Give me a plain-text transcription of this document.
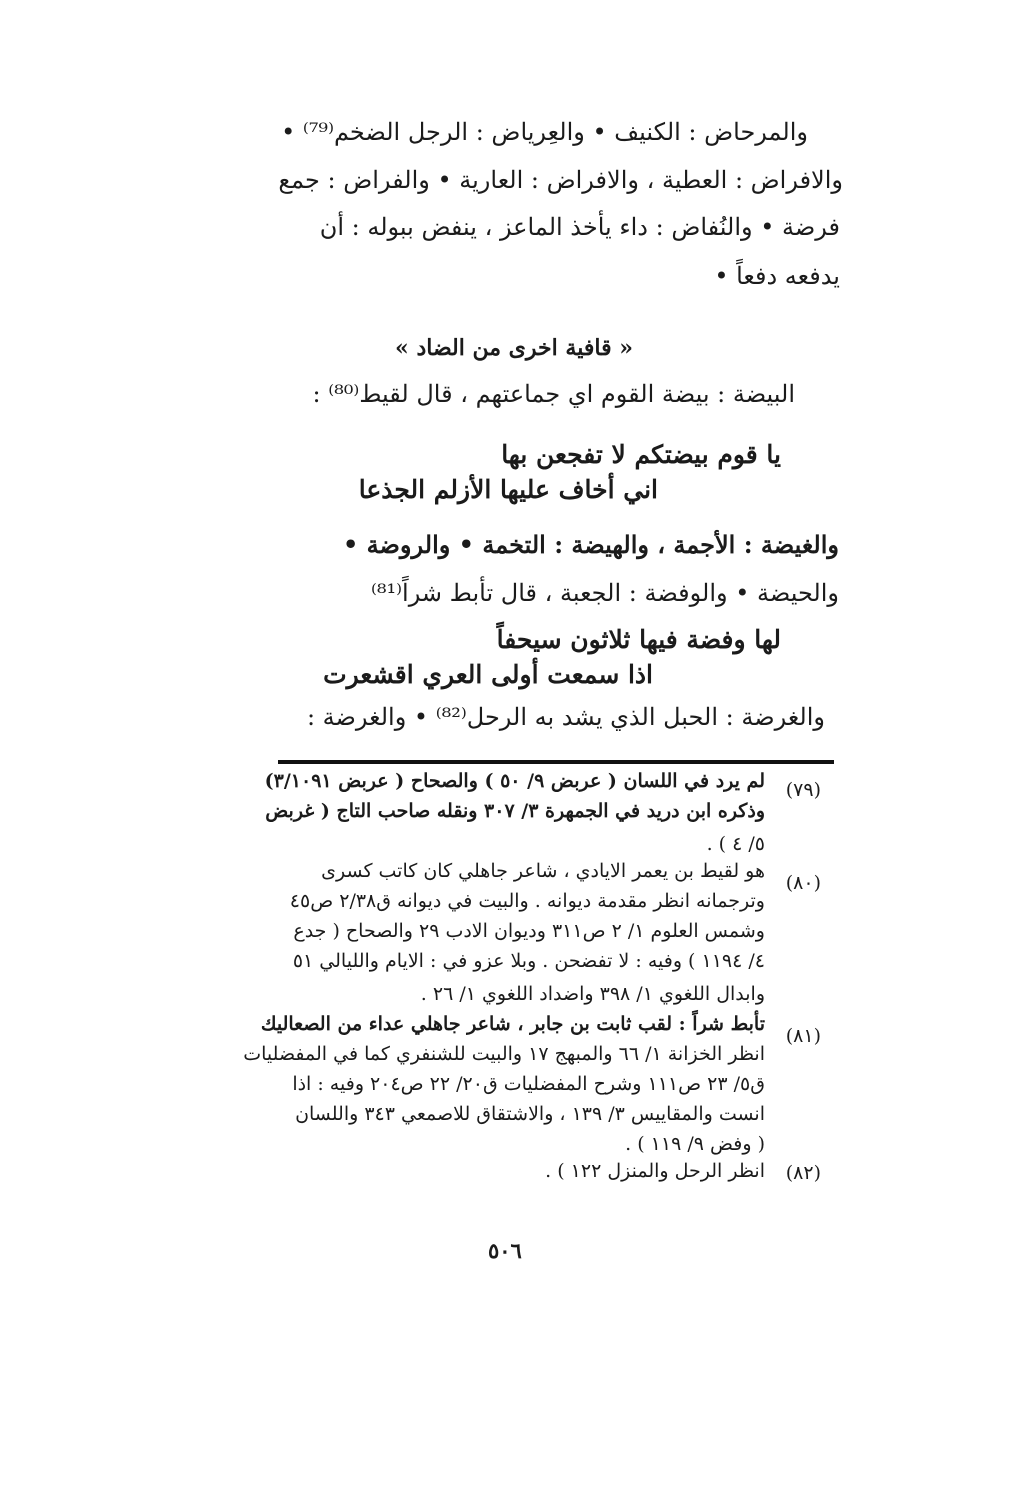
والمرحاض : الكنيف • والعِرياض : الرجل الضخم⁽⁷⁹⁾ •
والافراض : العطية ، والافراض : العارية • والفراض : جمع
فرضة • والنُفاض : داء يأخذ الماعز ، ينفض ببوله : أن
يدفعه دفعاً •
« قافية اخرى من الضاد »
البيضة : بيضة القوم اي جماعتهم ، قال لقيط⁽⁸⁰⁾ :
يا قوم بيضتكم لا تفجعن بها
اني أخاف عليها الأزلم الجذعا
والغيضة : الأجمة ، والهيضة : التخمة • والروضة •
والحيضة • والوفضة : الجعبة ، قال تأبط شراً⁽⁸¹⁾
لها وفضة فيها ثلاثون سيحفاً
اذا سمعت أولى العري اقشعرت
والغرضة : الحبل الذي يشد به الرحل⁽⁸²⁾ • والغرضة :
(٧٩)
لم يرد في اللسان ( عربض ٩/ ٥٠ ) والصحاح ( عربض ٣/١٠٩١)
وذكره ابن دريد في الجمهرة ٣/ ٣٠٧ ونقله صاحب التاج ( غربض
٥/ ٤ ) .
(٨٠)
هو لقيط بن يعمر الايادي ، شاعر جاهلي كان كاتب كسرى
وترجمانه انظر مقدمة ديوانه . والبيت في ديوانه ق٢/٣٨ ص٤٥
وشمس العلوم ١/ ٢ ص٣١١ وديوان الادب ٢٩ والصحاح ( جدع
٤/ ١١٩٤ ) وفيه : لا تفضحن . وبلا عزو في : الايام والليالي ٥١
وابدال اللغوي ١/ ٣٩٨ واضداد اللغوي ١/ ٢٦ .
(٨١)
تأبط شراً : لقب ثابت بن جابر ، شاعر جاهلي عداء من الصعاليك
انظر الخزانة ١/ ٦٦ والمبهج ١٧ والبيت للشنفري كما في المفضليات
ق٥/ ٢٣ ص١١١ وشرح المفضليات ق٢٠/ ٢٢ ص٢٠٤ وفيه : اذا
انست والمقاييس ٣/ ١٣٩ ، والاشتقاق للاصمعي ٣٤٣ واللسان
( وفض ٩/ ١١٩ ) .
(٨٢)
انظر الرحل والمنزل ١٢٢ ) .
٥٠٦
